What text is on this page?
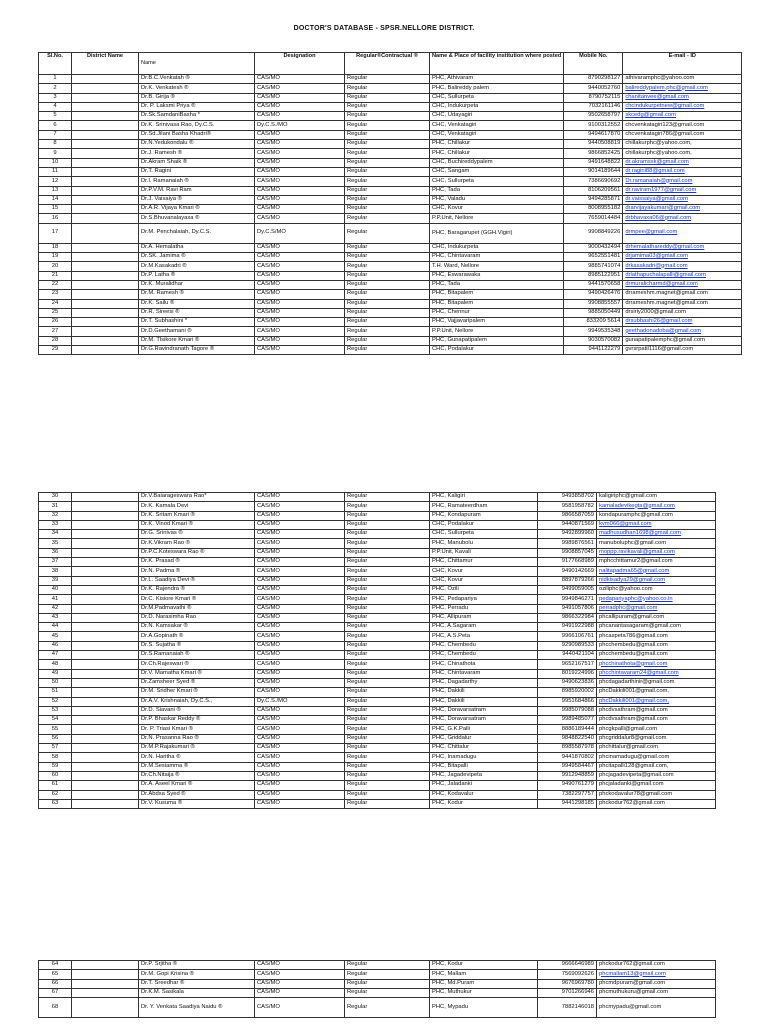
DOCTOR'S DATABASE - SPSR.NELLORE DISTRICT.
Sl.No.	District Name	Name	Designation	Regular®Contractual ®	Name & Place of facility institution where posted	Mobile No.	E-mail - ID
1		Dr.B.C.Venkatah ®	CAS/MO	Regular	PHC, Athivaram	8790298127	athivaramphc@yahoo.com
2		Dr.K. Venkatesh ®	CAS/MO	Regular	PHC, Balireddy palem	9440052760	balireddypalem.phc@gmail.com
3		Dr.B. Girija ®	CAS/MO	Regular	CHC, Sullurpeta	8790752115	chanitanvee@gmail.com
4		Dr. P. Laksmi Priya ®	CAS/MO	Regular	CHC, Indukurpeta	7032161146	chcindukurpetnew@gmail.com
5		Dr.Sk.SamdaniBasha *	CAS/MO	Regular	CHC, Udayagiri	9502658797	skcedg@gmail.com
6		Dr.K. Srinivasa Rao, Dy.C.S.	Dy.C.S./MO	Regular	CHC, Venkatagiri	9100312552	chcvenkatagiri123@gmail.com
7		Dr.Sd.Jilani Basha Khadri®	CAS/MO	Regular	CHC, Venkatagiri	9494617870	chcvenkatagiri786@gmail.com
8		Dr.N.Yedukondalu ®	CAS/MO	Regular	PHC, Chillakur	9440508819	chillakurphc@yahoo.com,
9		Dr.J. Ramesh ®	CAS/MO	Regular	PHC, Chillakur	9866852425	chillakurphc@yahoo.com,
10		Dr.Akram Shaik ®	CAS/MO	Regular	CHC, Buchireddypalem	9491648822	dr.akramssk@gmail.com
11		Dr.T. Ragini	CAS/MO	Regular	CHC, Sangam	9014189644	dr.ragini88@gmail.com
12		Dr.I. Ramanaiah ®	CAS/MO	Regular	CHC, Sullurpeta	7386690692	Dr.ramanaiah@gmail.com
13		Dr.P.V.M. Ravi Ram	CAS/MO	Regular	PHC, Tada	8106209561	dr.raviram1977@gmail.com
14		Dr.J. Vaisaiya ®	CAS/MO	Regular	PHC, Valadu	9494285871	dr.vaissaiya@gmail.com
15		Dr.A.R. Vijaya Kmari ®	CAS/MO	Regular	CHC, Kovur	8008955182	drarvijayakumari@gmail.com
16		Dr.S.Bhuvanalayaxa ®	CAS/MO	Regular	P.P.Unit, Nellore	7659014484	drbhavaxa06@gmail.com
17		Dr.M. Penchalaiah, Dy.C.S.	Dy.C.S/MO	Regular	PHC, Baragarupet (GGH.Vigiri)	9908849226	drmpee@gmail.com
18		Dr.A. Hemalatha	CAS/MO	Regular	CHC, Indukurpeta	9000432494	drhemalathareddy@gmail.com
19		Dr.SK. Jamima ®	CAS/MO	Regular	PHC, Chintavaram	9652551481	drjamima03@gmail.com
20		Dr.M.Kasakadri ®	CAS/MO	Regular	T.H. Ward, Nellore	9885741074	drkasakadri@gmail.com
21		Dr.P. Latha ®	CAS/MO	Regular	PHC, Eswarawaka	8985122951	drlathapuchalapalli@gmail.com
22		Dr.K. Muralidhar	CAS/MO	Regular	PHC, Tada	9441570658	drmuralicharmd@gmail.com
23		Dr.M. Ramesh ®	CAS/MO	Regular	PHC, Bitapalem	9490426476	drrameshm.magnet@gmail.com
24		Dr.K. Sailu ®	CAS/MO	Regular	PHC, Bitapalem	9908855557	drrameshm.magnet@gmail.com
25		Dr.R. Sireesi ®	CAS/MO	Regular	PHC, Chennur	9885050449	drsiriy2000@gmail.com
26		Dr.T. Subhashini *	CAS/MO	Regular	PHC, Vajjavaripalem	833209 5614	drsubbashi26@gmail.com
27		Dr.D.Geethamani ®	CAS/MO	Regular	P.P.Unit, Nellore	9949535348	geethadonadoba@gmail.com
28		Dr.M. Tlsikore Kmari ®	CAS/MO	Regular	PHC, Gunapatipalem	9030570082	gunapatipalemphc@gmail.com
29		Dr.G.Ravindranath Tagore ®	CAS/MO	Regular	CHC, Podalakur	9441122279	gvrsrpatil1116@gmail.com
30		Dr.V.Baiarageswara Rao*	CAS/MO	Regular	PHC, Kaligiri	9493858702	kaligiriphc@gmail.com
31		Dr.K. Kamala Devi	CAS/MO	Regular	PHC, Ramateerdham	9581958782	kamaladevikegta@gmail.com
32		Dr.K. Sritam Kmari ®	CAS/MO	Regular	PHC, Kondapuram	9866587059	kondapuramphc@gmail.com
33		Dr.K. Vinod Kmari ®	CAS/MO	Regular	CHC, Podalakur	9440871569	kvm066@gmail.com
34		Dr.G. Srinivas ®	CAS/MO	Regular	CHC, Sullurpeta	9492899960	madhusudhan1698@gmail.com
35		Dr.K.Vikram Rao ®	CAS/MO	Regular	PHC, Manubolu	9989876561	manuboluphc@gmail.com
36		Dr.P.C.Koteswara Rao ®	CAS/MO	Regular	P.P.Unit, Kavali	9908857045	moppp.ravikavali@gmail.com
37		Dr.K. Prasad ®	CAS/MO	Regular	PHC, Chittamur	9177668989	mphcchittamur2@gmail.com
38		Dr.N. Padma ®	CAS/MO	Regular	CHC, Kovur	9490142669	nalitapadma65@gmail.com
39		Dr.L. Saadiya Devi ®	CAS/MO	Regular	CHC, Kovur	8897879266	nidkisadya29@gmail.com
40		Dr.K. Rajendra ®	CAS/MO	Regular	PHC, Ozili	9499059005	oziliphc@yahoo.com
41		Dr.C. Kisiore Kmari ®	CAS/MO	Regular	PHC, Pedapariya	9949846271	pedapariyaphc@yahoo.co.in
42		Dr.M.Padmavathi ®	CAS/MO	Regular	PHC, Perradu	9491057806	perradphc@gmail.com
43		Dr.D. Narasimha Rao	CAS/MO	Regular	PHC, Allipuram	9866322984	phcallipuram@gmail.com
44		Dr.N. Kamsakar ®	CAS/MO	Regular	PHC, A.Sagaram	9491922988	phcanantasagaram@gmail.com
45		Dr.A.Gopinath ®	CAS/MO	Regular	PHC, A.S.Peta	9966106761	phcaspeta786@gmail.com
46		Dr.S. Sujatha ®	CAS/MO	Regular	PHC, Chembedu	9290989533	phcchembedu@gmail.com
47		Dr.S.Ramanaiah ®	CAS/MO	Regular	PHC, Chembedu	9440421104	phcchembedu@gmail.com
48		Dr.Ch.Rajeswari ®	CAS/MO	Regular	PHC, Chinathota	9652167517	phcchinathota@gmail.com
49		Dr.V. Mamatha Kmari ®	CAS/MO	Regular	PHC, Chintavaram	8019224996	phcchintavaram24@gmail.com
50		Dr.Zamsheer Syed ®	CAS/MO	Regular	PHC, Dagadarthy	9490623836	phcdagadarthinir@gmail.com
51		Dr.M. Sridher Kmari ®	CAS/MO	Regular	PHC, Dakkili	8985920002	phcDakkili001@gmail.com,
52		Dr.A.V. Krishnaiah, Dy.C.S.,	Dy.C.S./MO	Regular	PHC, Dakkili	9951684866	phcDakkili001@gmail.com,
53		Dr.D. Siavani ®	CAS/MO	Regular	PHC, Doravarsatram	9985079088	phcdvsathram@gmail.com
54		Dr.P. Bhaskar Reddy ®	CAS/MO	Regular	PHC, Doravarsatram	9989485077	phcdvsathram@gmail.com
55		Dr. P. Triasi Kmari ®	CAS/MO	Regular	PHC, G.K.Palli	8886189444	phcgkpalli@gmail.com
56		Dr.N. Prasanna Rao ®	CAS/MO	Regular	PHC, Griddalur	9848822540	phcgriddalur8@gmail.com
57		Dr.M.P.Rajakumari ®	CAS/MO	Regular	PHC, Chittalur	8985587978	phchittalur@gmail.com
58		Dr.N. Haritha ®	CAS/MO	Regular	PHC, Inamadugu	9441870802	phcinamadugu@gmail.com
59		Dr.M.Sesiamma ®	CAS/MO	Regular	PHC, Bitapalli	9949584467	phcitapalli128@gmail.com,
60		Dr.Ch.Nitaija ®	CAS/MO	Regular	PHC, Jagadevipeta	9912948859	phcjagadevipeta@gmail.com
61		Dr.A. Aseel Kmari ®	CAS/MO	Regular	PHC, Jaladanki	9490761279	phcjaladanki@gmail.com
62		Dr.Abdsa Syed ®	CAS/MO	Regular	PHC, Kodavalur	7382297757	phckodavalur78@gmail.com
63		Dr.V. Kusuma ®	CAS/MO	Regular	PHC, Kodur	9441298185	phckodur762@gmail.com
64		Dr.P. Srjitha ®	CAS/MO	Regular	PHC, Kodur	9666646989	phckodur762@gmail.com
65		Dr.M. Gopi Krisina ®	CAS/MO	Regular	PHC, Mallam	7569092626	phcmallam13@gmail.com
66		Dr.T. Sreedhar ®	CAS/MO	Regular	PHC, Md.Puram	9676969780	phcmdpuram@gmail.com
67		Dr.K.M. Sasikala	CAS/MO	Regular	PHC, Muthukur	9701266946	phcmuthukuru@gmail.com
68		Dr. Y. Venkata Saadiya Naidu ®	CAS/MO	Regular	PHC, Mypadu	7882146018	phcmypadu@gmail.com
